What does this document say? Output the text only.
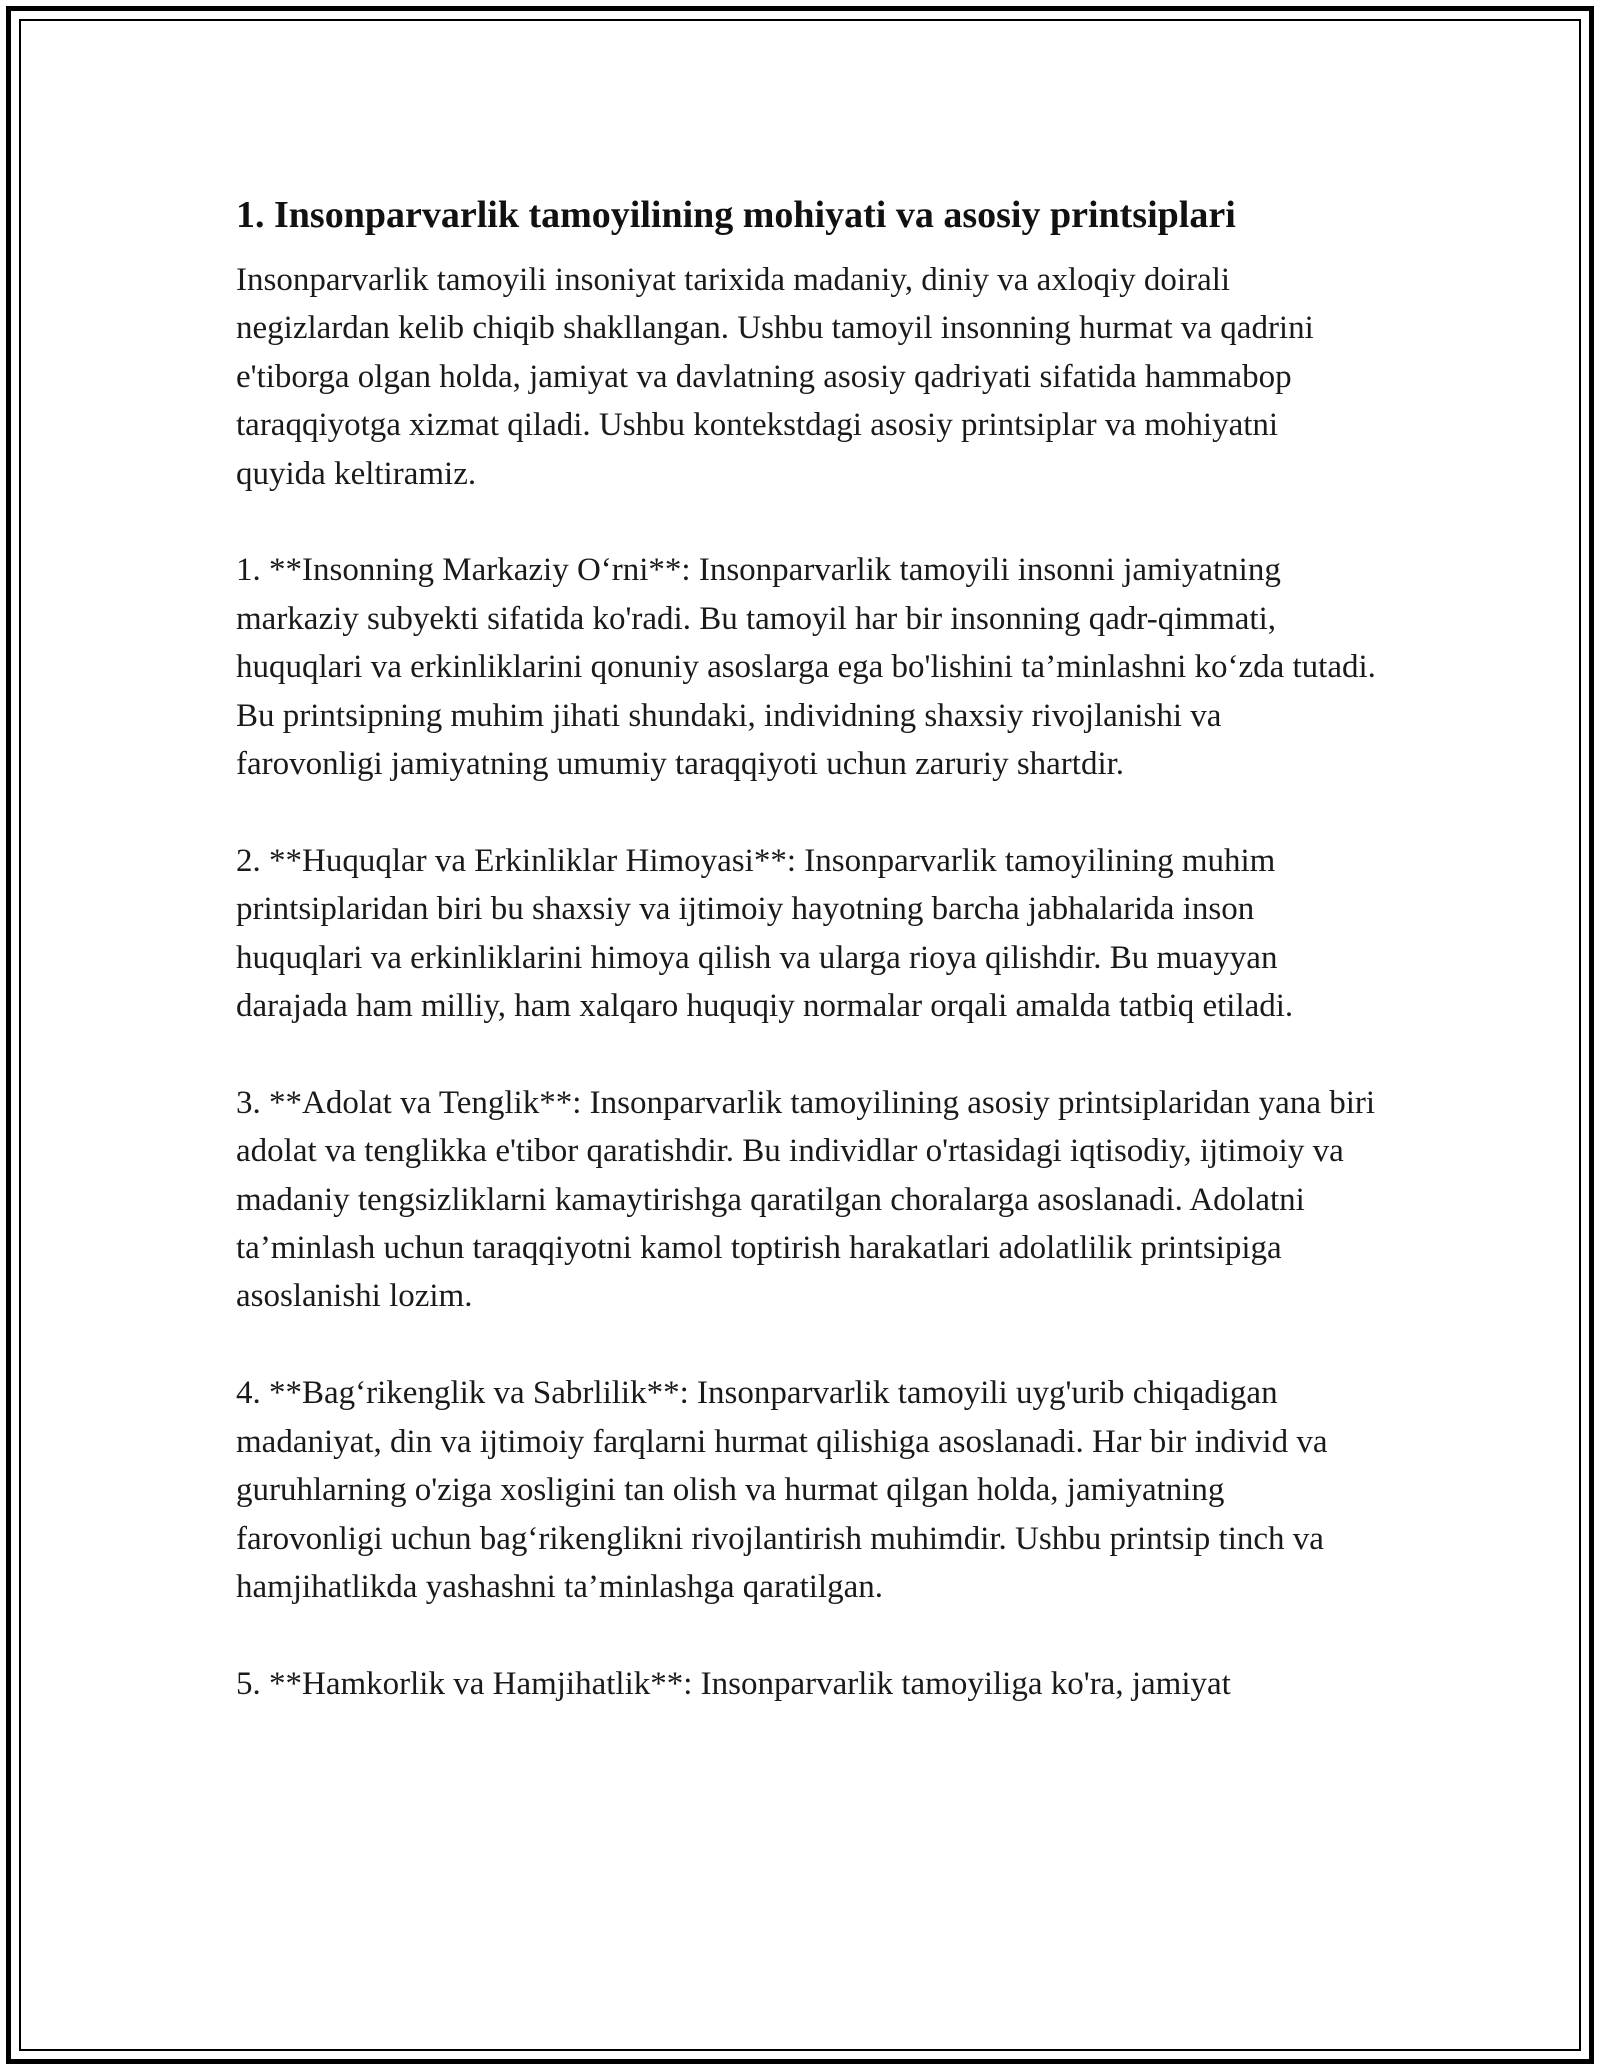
1. Insonparvarlik tamoyilining mohiyati va asosiy printsiplari

Insonparvarlik tamoyili insoniyat tarixida madaniy, diniy va axloqiy doirali negizlardan kelib chiqib shakllangan. Ushbu tamoyil insonning hurmat va qadrini e'tiborga olgan holda, jamiyat va davlatning asosiy qadriyati sifatida hammabop taraqqiyotga xizmat qiladi. Ushbu kontekstdagi asosiy printsiplar va mohiyatni quyida keltiramiz.

1. **Insonning Markaziy O‘rni**: Insonparvarlik tamoyili insonni jamiyatning markaziy subyekti sifatida ko'radi. Bu tamoyil har bir insonning qadr-qimmati, huquqlari va erkinliklarini qonuniy asoslarga ega bo'lishini ta’minlashni ko‘zda tutadi. Bu printsipning muhim jihati shundaki, individning shaxsiy rivojlanishi va farovonligi jamiyatning umumiy taraqqiyoti uchun zaruriy shartdir.

2. **Huquqlar va Erkinliklar Himoyasi**: Insonparvarlik tamoyilining muhim printsiplaridan biri bu shaxsiy va ijtimoiy hayotning barcha jabhalarida inson huquqlari va erkinliklarini himoya qilish va ularga rioya qilishdir. Bu muayyan darajada ham milliy, ham xalqaro huquqiy normalar orqali amalda tatbiq etiladi.

3. **Adolat va Tenglik**: Insonparvarlik tamoyilining asosiy printsiplaridan yana biri adolat va tenglikka e'tibor qaratishdir. Bu individlar o'rtasidagi iqtisodiy, ijtimoiy va madaniy tengsizliklarni kamaytirishga qaratilgan choralarga asoslanadi. Adolatni ta’minlash uchun taraqqiyotni kamol toptirish harakatlari adolatlilik printsipiga asoslanishi lozim.

4. **Bag‘rikenglik va Sabrlilik**: Insonparvarlik tamoyili uyg'urib chiqadigan madaniyat, din va ijtimoiy farqlarni hurmat qilishiga asoslanadi. Har bir individ va guruhlarning o'ziga xosligini tan olish va hurmat qilgan holda, jamiyatning farovonligi uchun bag‘rikenglikni rivojlantirish muhimdir. Ushbu printsip tinch va hamjihatlikda yashashni ta’minlashga qaratilgan.

5. **Hamkorlik va Hamjihatlik**: Insonparvarlik tamoyiliga ko'ra, jamiyat
